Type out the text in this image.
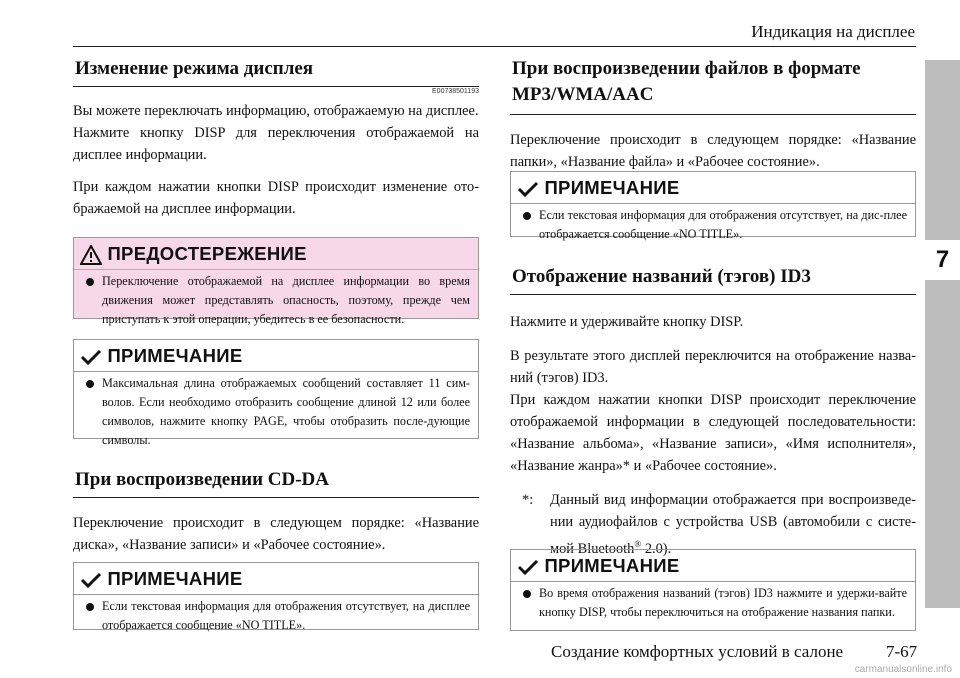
Индикация на дисплее
7
Изменение режима дисплея
E00738501193
Вы можете переключать информацию, отображаемую на дисплее.
Нажмите кнопку DISP для переключения отображаемой на дисплее информации.
При каждом нажатии кнопки DISP происходит изменение ото-бражаемой на дисплее информации.
ПРЕДОСТЕРЕЖЕНИЕ
Переключение отображаемой на дисплее информации во время движения может представлять опасность, поэтому, прежде чем приступать к этой операции, убедитесь в ее безопасности.
ПРИМЕЧАНИЕ
Максимальная длина отображаемых сообщений составляет 11 сим-волов. Если необходимо отобразить сообщение длиной 12 или более символов, нажмите кнопку PAGE, чтобы отобразить после-дующие символы.
При воспроизведении CD-DA
Переключение происходит в следующем порядке: «Название диска», «Название записи» и «Рабочее состояние».
ПРИМЕЧАНИЕ
Если текстовая информация для отображения отсутствует, на дисплее отображается сообщение «NO TITLE».
При воспроизведении файлов в формате
MP3/WMA/AAC
Переключение происходит в следующем порядке: «Название папки», «Название файла» и «Рабочее состояние».
ПРИМЕЧАНИЕ
Если текстовая информация для отображения отсутствует, на дис-плее отображается сообщение «NO TITLE».
Отображение названий (тэгов) ID3
Нажмите и удерживайте кнопку DISP.
В результате этого дисплей переключится на отображение назва-ний (тэгов) ID3.
При каждом нажатии кнопки DISP происходит переключение отображаемой информации в следующей последовательности: «Название альбома», «Название записи», «Имя исполнителя», «Название жанра»* и «Рабочее состояние».
*: Данный вид информации отображается при воспроизведе-нии аудиофайлов с устройства USB (автомобили с систе-мой Bluetooth® 2.0).
ПРИМЕЧАНИЕ
Во время отображения названий (тэгов) ID3 нажмите и удержи-вайте кнопку DISP, чтобы переключиться на отображение названия папки.
Создание комфортных условий в салоне	7-67
carmanualsonline.info
